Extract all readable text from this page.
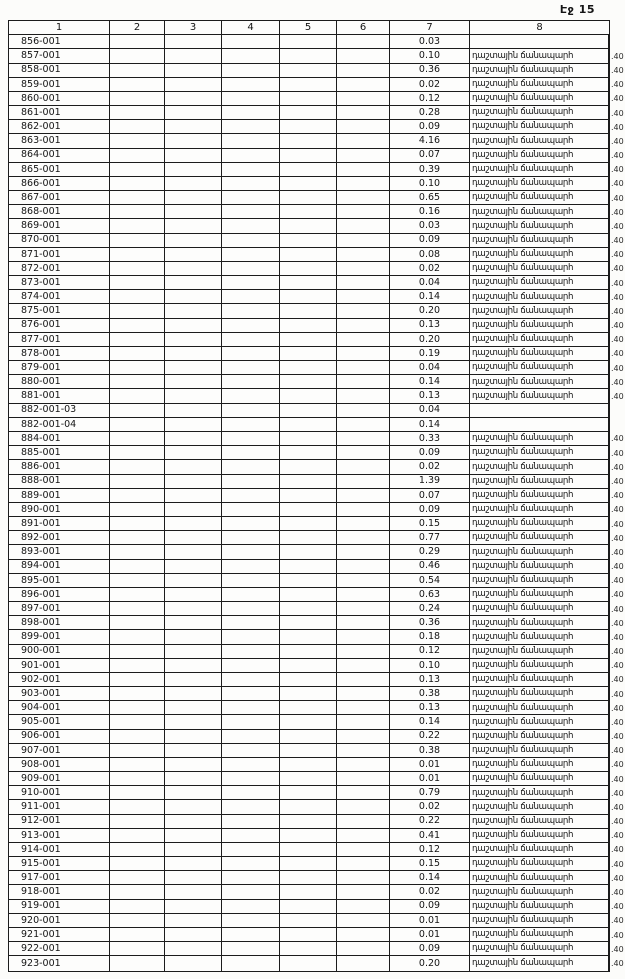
Էջ 15
1	2	3	4	5	6	7	8
856-001	0.03
857-001	0.10	դաշտային ճանապարհ	.40
858-001	0.36	դաշտային ճանապարհ	.40
859-001	0.02	դաշտային ճանապարհ	.40
860-001	0.12	դաշտային ճանապարհ	.40
861-001	0.28	դաշտային ճանապարհ	.40
862-001	0.09	դաշտային ճանապարհ	.40
863-001	4.16	դաշտային ճանապարհ	.40
864-001	0.07	դաշտային ճանապարհ	.40
865-001	0.39	դաշտային ճանապարհ	.40
866-001	0.10	դաշտային ճանապարհ	.40
867-001	0.65	դաշտային ճանապարհ	.40
868-001	0.16	դաշտային ճանապարհ	.40
869-001	0.03	դաշտային ճանապարհ	.40
870-001	0.09	դաշտային ճանապարհ	.40
871-001	0.08	դաշտային ճանապարհ	.40
872-001	0.02	դաշտային ճանապարհ	.40
873-001	0.04	դաշտային ճանապարհ	.40
874-001	0.14	դաշտային ճանապարհ	.40
875-001	0.20	դաշտային ճանապարհ	.40
876-001	0.13	դաշտային ճանապարհ	.40
877-001	0.20	դաշտային ճանապարհ	.40
878-001	0.19	դաշտային ճանապարհ	.40
879-001	0.04	դաշտային ճանապարհ	.40
880-001	0.14	դաշտային ճանապարհ	.40
881-001	0.13	դաշտային ճանապարհ	.40
882-001-03	0.04
882-001-04	0.14
884-001	0.33	դաշտային ճանապարհ	.40
885-001	0.09	դաշտային ճանապարհ	.40
886-001	0.02	դաշտային ճանապարհ	.40
888-001	1.39	դաշտային ճանապարհ	.40
889-001	0.07	դաշտային ճանապարհ	.40
890-001	0.09	դաշտային ճանապարհ	.40
891-001	0.15	դաշտային ճանապարհ	.40
892-001	0.77	դաշտային ճանապարհ	.40
893-001	0.29	դաշտային ճանապարհ	.40
894-001	0.46	դաշտային ճանապարհ	.40
895-001	0.54	դաշտային ճանապարհ	.40
896-001	0.63	դաշտային ճանապարհ	.40
897-001	0.24	դաշտային ճանապարհ	.40
898-001	0.36	դաշտային ճանապարհ	.40
899-001	0.18	դաշտային ճանապարհ	.40
900-001	0.12	դաշտային ճանապարհ	.40
901-001	0.10	դաշտային ճանապարհ	.40
902-001	0.13	դաշտային ճանապարհ	.40
903-001	0.38	դաշտային ճանապարհ	.40
904-001	0.13	դաշտային ճանապարհ	.40
905-001	0.14	դաշտային ճանապարհ	.40
906-001	0.22	դաշտային ճանապարհ	.40
907-001	0.38	դաշտային ճանապարհ	.40
908-001	0.01	դաշտային ճանապարհ	.40
909-001	0.01	դաշտային ճանապարհ	.40
910-001	0.79	դաշտային ճանապարհ	.40
911-001	0.02	դաշտային ճանապարհ	.40
912-001	0.22	դաշտային ճանապարհ	.40
913-001	0.41	դաշտային ճանապարհ	.40
914-001	0.12	դաշտային ճանապարհ	.40
915-001	0.15	դաշտային ճանապարհ	.40
917-001	0.14	դաշտային ճանապարհ	.40
918-001	0.02	դաշտային ճանապարհ	.40
919-001	0.09	դաշտային ճանապարհ	.40
920-001	0.01	դաշտային ճանապարհ	.40
921-001	0.01	դաշտային ճանապարհ	.40
922-001	0.09	դաշտային ճանապարհ	.40
923-001	0.20	դաշտային ճանապարհ	.40
